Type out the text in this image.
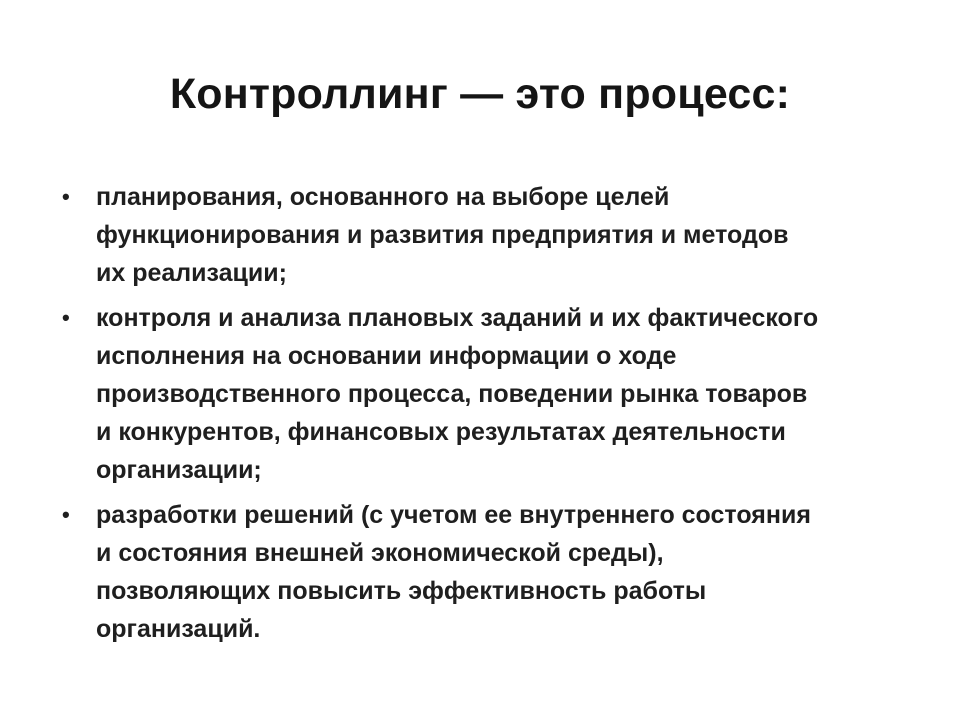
Контроллинг — это процесс:
•	планирования, основанного на выборе целей
функционирования и развития предприятия и методов
их реализации;
•	контроля и анализа плановых заданий и их фактического
исполнения на основании информации о ходе
производственного процесса, поведении рынка товаров
и конкурентов, финансовых результатах деятельности
организации;
•	разработки решений (с учетом ее внутреннего состояния
и состояния внешней экономической среды),
позволяющих повысить эффективность работы
организаций.
